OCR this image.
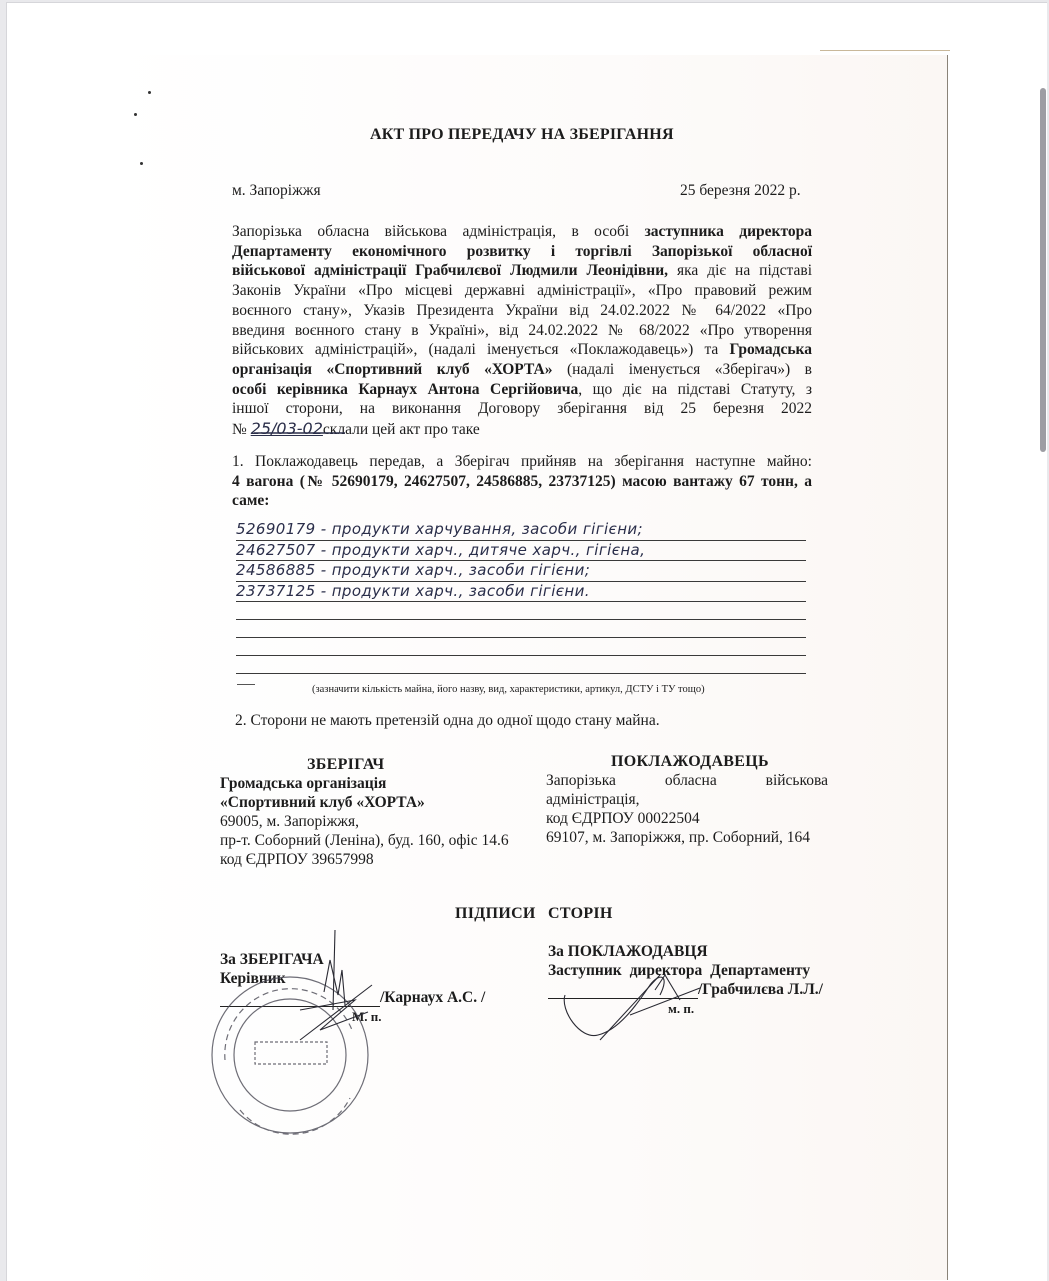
АКТ ПРО ПЕРЕДАЧУ НА ЗБЕРІГАННЯ
м. Запоріжжя	25 березня 2022 р.
Запорізька обласна військова адміністрація, в особі заступника директора
Департаменту економічного розвитку і торгівлі Запорізької обласної
військової адміністрації Грабчилєвої Людмили Леонідівни, яка діє на підставі
Законів України «Про місцеві державні адміністрації», «Про правовий режим
воєнного стану», Указів Президента України від 24.02.2022 № 64/2022 «Про
введиня воєнного стану в Україні», від 24.02.2022 № 68/2022 «Про утворення
військових адміністрацій», (надалі іменується «Поклажодавець») та Громадська
організація «Спортивний клуб «ХОРТА» (надалі іменується «Зберігач») в
особі керівника Карнаух Антона Сергійовича, що діє на підставі Статуту, з
іншої сторони, на виконання Договору зберігання від 25 березня 2022
№ 25/03-02склали цей акт про таке
1. Поклажодавець передав, а Зберігач прийняв на зберігання наступне майно:
4 вагона (№ 52690179, 24627507, 24586885, 23737125) масою вантажу 67 тонн, а
саме:
52690179 - продукти харчування, засоби гігієни;
24627507 - продукти харч., дитяче харч., гігієна,
24586885 - продукти харч., засоби гігієни;
23737125 - продукти харч., засоби гігієни.
(зазначити кількість майна, його назву, вид, характеристики, артикул, ДСТУ і ТУ тощо)
2. Сторони не мають претензій одна до одної щодо стану майна.
ЗБЕРІГАЧ
Громадська організація
«Спортивний клуб «ХОРТА»
69005, м. Запоріжжя,
пр-т. Соборний (Леніна), буд. 160, офіс 14.6
код ЄДРПОУ 39657998
ПОКЛАЖОДАВЕЦЬ
Запорізька	обласна	військова
адміністрація,
код ЄДРПОУ 00022504
69107, м. Запоріжжя, пр. Соборний, 164
ПІДПИСИ СТОРІН
За ЗБЕРІГАЧА
Керівник
/Карнаух А.С. /
М. п.
За ПОКЛАЖОДАВЦЯ
Заступник директора Департаменту
/Грабчилєва Л.Л./
м. п.
